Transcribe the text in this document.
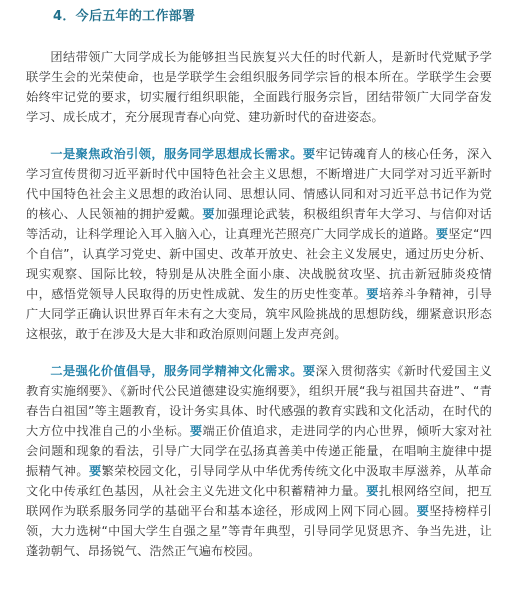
4．今后五年的工作部署

团结带领广大同学成长为能够担当民族复兴大任的时代新人，是新时代党赋予学联学生会的光荣使命，也是学联学生会组织服务同学宗旨的根本所在。学联学生会要始终牢记党的要求，切实履行组织职能，全面践行服务宗旨，团结带领广大同学奋发学习、成长成才，充分展现青春心向党、建功新时代的奋进姿态。

一是聚焦政治引领，服务同学思想成长需求。要牢记铸魂育人的核心任务，深入学习宣传贯彻习近平新时代中国特色社会主义思想，不断增进广大同学对习近平新时代中国特色社会主义思想的政治认同、思想认同、情感认同和对习近平总书记作为党的核心、人民领袖的拥护爱戴。要加强理论武装，积极组织青年大学习、与信仰对话等活动，让科学理论入耳入脑入心，让真理光芒照亮广大同学成长的道路。要坚定“四个自信”，认真学习党史、新中国史、改革开放史、社会主义发展史，通过历史分析、现实观察、国际比较，特别是从决胜全面小康、决战脱贫攻坚、抗击新冠肺炎疫情中，感悟党领导人民取得的历史性成就、发生的历史性变革。要培养斗争精神，引导广大同学正确认识世界百年未有之大变局，筑牢风险挑战的思想防线，绷紧意识形态这根弦，敢于在涉及大是大非和政治原则问题上发声亮剑。

二是强化价值倡导，服务同学精神文化需求。要深入贯彻落实《新时代爱国主义教育实施纲要》、《新时代公民道德建设实施纲要》，组织开展“我与祖国共奋进”、“青春告白祖国”等主题教育，设计务实具体、时代感强的教育实践和文化活动，在时代的大方位中找准自己的小坐标。要端正价值追求，走进同学的内心世界，倾听大家对社会问题和现象的看法，引导广大同学在弘扬真善美中传递正能量，在唱响主旋律中提振精气神。要繁荣校园文化，引导同学从中华优秀传统文化中汲取丰厚滋养，从革命文化中传承红色基因，从社会主义先进文化中积蓄精神力量。要扎根网络空间，把互联网作为联系服务同学的基础平台和基本途径，形成网上网下同心圆。要坚持榜样引领，大力选树“中国大学生自强之星”等青年典型，引导同学见贤思齐、争当先进，让蓬勃朝气、昂扬锐气、浩然正气遍布校园。
